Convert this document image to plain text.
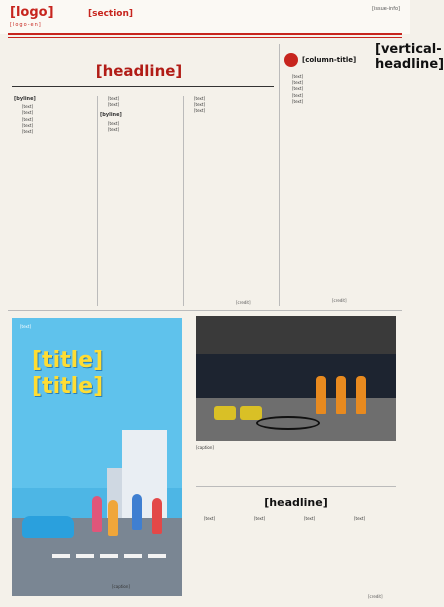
[logo]
[logo-en]
[section]	[issue-info]
[headline]
[byline]
[text]
[text]
[text]
[text]
[text]
[text]
[text]
[byline]
[text]
[text]
[text]
[text]
[text]
[credit]
[column-title]
[text]
[text]
[text]
[text]
[text]
[credit]
[vertical-headline]
[text]
[title]
[title]
[caption]
[caption]
[headline]
[text]	[text]	[text]	[text]
[credit]
